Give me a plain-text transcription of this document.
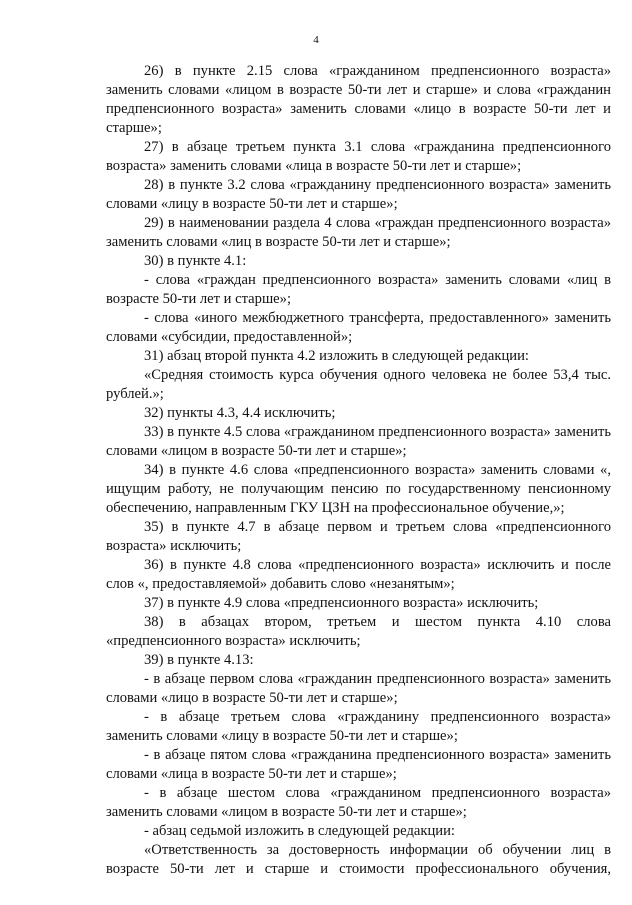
4

26) в пункте 2.15 слова «гражданином предпенсионного возраста» заменить словами «лицом в возрасте 50-ти лет и старше» и слова «гражданин предпенсионного возраста» заменить словами «лицо в возрасте 50-ти лет и старше»;

27) в абзаце третьем пункта 3.1 слова «гражданина предпенсионного возраста» заменить словами «лица в возрасте 50-ти лет и старше»;

28) в пункте 3.2 слова «гражданину предпенсионного возраста» заменить словами «лицу в возрасте 50-ти лет и старше»;

29) в наименовании раздела 4 слова «граждан предпенсионного возраста» заменить словами «лиц в возрасте 50-ти лет и старше»;

30) в пункте 4.1:

- слова «граждан предпенсионного возраста» заменить словами «лиц в возрасте 50-ти лет и старше»;

- слова «иного межбюджетного трансферта, предоставленного» заменить словами «субсидии, предоставленной»;

31) абзац второй пункта 4.2 изложить в следующей редакции:

«Средняя стоимость курса обучения одного человека не более 53,4 тыс. рублей.»;

32) пункты 4.3, 4.4 исключить;

33) в пункте 4.5 слова «гражданином предпенсионного возраста» заменить словами «лицом в возрасте 50-ти лет и старше»;

34) в пункте 4.6 слова «предпенсионного возраста» заменить словами «, ищущим работу, не получающим пенсию по государственному пенсионному обеспечению, направленным ГКУ ЦЗН на профессиональное обучение,»;

35) в пункте 4.7 в абзаце первом и третьем слова «предпенсионного возраста» исключить;

36) в пункте 4.8 слова «предпенсионного возраста» исключить и после слов «, предоставляемой» добавить слово «незанятым»;

37) в пункте 4.9 слова «предпенсионного возраста» исключить;

38) в абзацах втором, третьем и шестом пункта 4.10 слова «предпенсионного возраста» исключить;

39) в пункте 4.13:

- в абзаце первом слова «гражданин предпенсионного возраста» заменить словами «лицо в возрасте 50-ти лет и старше»;

- в абзаце третьем слова «гражданину предпенсионного возраста» заменить словами «лицу в возрасте 50-ти лет и старше»;

- в абзаце пятом слова «гражданина предпенсионного возраста» заменить словами «лица в возрасте 50-ти лет и старше»;

- в абзаце шестом слова «гражданином предпенсионного возраста» заменить словами «лицом в возрасте 50-ти лет и старше»;

- абзац седьмой изложить в следующей редакции:

«Ответственность за достоверность информации об обучении лиц в возрасте 50-ти лет и старше и стоимости профессионального обучения,
